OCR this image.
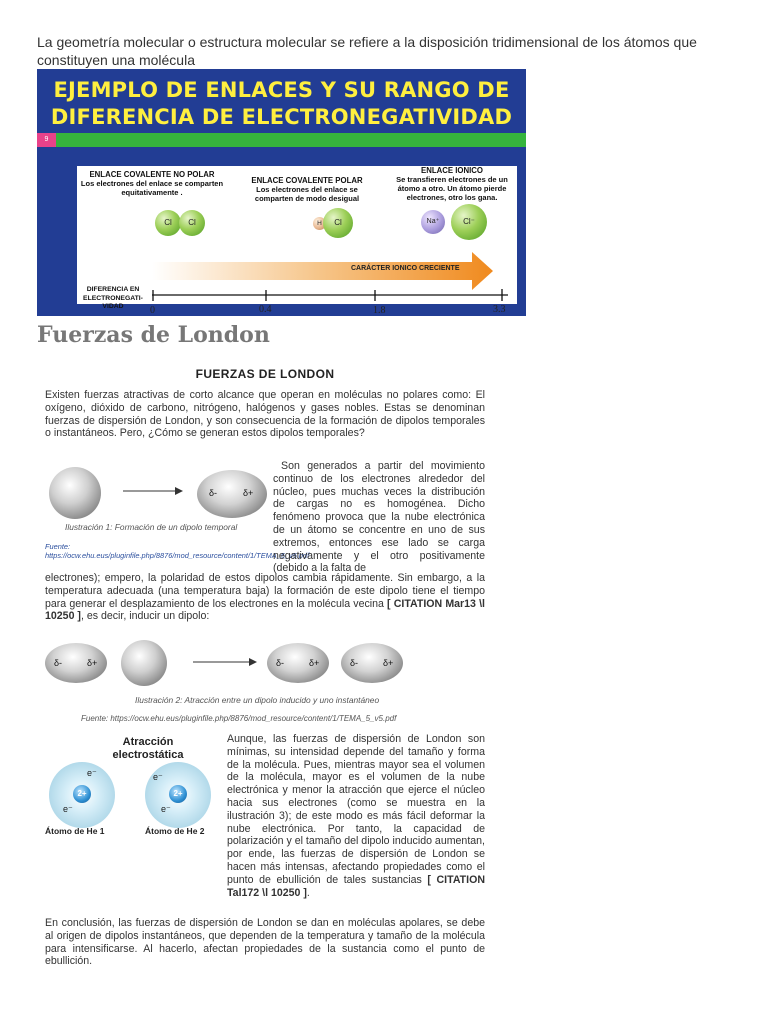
La geometría molecular o estructura molecular se refiere a la disposición tridimensional de los átomos que constituyen una molécula
EJEMPLO DE ENLACES Y SU RANGO DE
DIFERENCIA DE ELECTRONEGATIVIDAD
9
ENLACE COVALENTE NO POLAR
Los electrones del enlace se comparten equitativamente .
ENLACE COVALENTE POLAR
Los electrones del enlace se comparten de modo desigual
ENLACE IONICO
Se transfieren electrones de un átomo a otro. Un átomo pierde electrones, otro los gana.
Cl	Cl	H	Cl	Na⁺	Cl⁻
CARÁCTER IONICO CRECIENTE
DIFERENCIA EN ELECTRONEGATI-VIDAD	0	0.4	1.8	3.3
Fuerzas de London
FUERZAS DE LONDON
Existen fuerzas atractivas de corto alcance que operan en moléculas no polares como: El oxígeno, dióxido de carbono, nitrógeno, halógenos y gases nobles. Estas se denominan fuerzas de dispersión de London, y son consecuencia de la formación de dipolos temporales o instantáneos. Pero, ¿Cómo se generan estos dipolos temporales?
δ-	δ+
Ilustración 1: Formación de un dipolo temporal
Fuente: https://ocw.ehu.eus/pluginfile.php/8876/mod_resource/content/1/TEMA_5_v5.pdf
Son generados a partir del movimiento continuo de los electrones alrededor del núcleo, pues muchas veces la distribución de cargas no es homogénea. Dicho fenómeno provoca que la nube electrónica de un átomo se concentre en uno de sus extremos, entonces ese lado se carga negativamente y el otro positivamente (debido a la falta de
electrones); empero, la polaridad de estos dipolos cambia rápidamente. Sin embargo, a la temperatura adecuada (una temperatura baja) la formación de este dipolo tiene el tiempo para generar el desplazamiento de los electrones en la molécula vecina [ CITATION Mar13 \l 10250 ], es decir, inducir un dipolo:
δ-	δ+	δ-	δ+	δ-	δ+
Ilustración 2: Atracción entre un dipolo inducido y uno instantáneo
Fuente: https://ocw.ehu.eus/pluginfile.php/8876/mod_resource/content/1/TEMA_5_v5.pdf
Atracción electrostática
2+
e⁻
e⁻
2+
e⁻
e⁻
Átomo de He 1	Átomo de He 2
Aunque, las fuerzas de dispersión de London son mínimas, su intensidad depende del tamaño y forma de la molécula. Pues, mientras mayor sea el volumen de la molécula, mayor es el volumen de la nube electrónica y menor la atracción que ejerce el núcleo hacia sus electrones (como se muestra en la ilustración 3); de este modo es más fácil deformar la nube electrónica. Por tanto, la capacidad de polarización y el tamaño del dipolo inducido aumentan, por ende, las fuerzas de dispersión de London se hacen más intensas, afectando propiedades como el punto de ebullición de tales sustancias [ CITATION Tal172 \l 10250 ].
En conclusión, las fuerzas de dispersión de London se dan en moléculas apolares, se debe al origen de dipolos instantáneos, que dependen de la temperatura y tamaño de la molécula para intensificarse. Al hacerlo, afectan propiedades de la sustancia como el punto de ebullición.
